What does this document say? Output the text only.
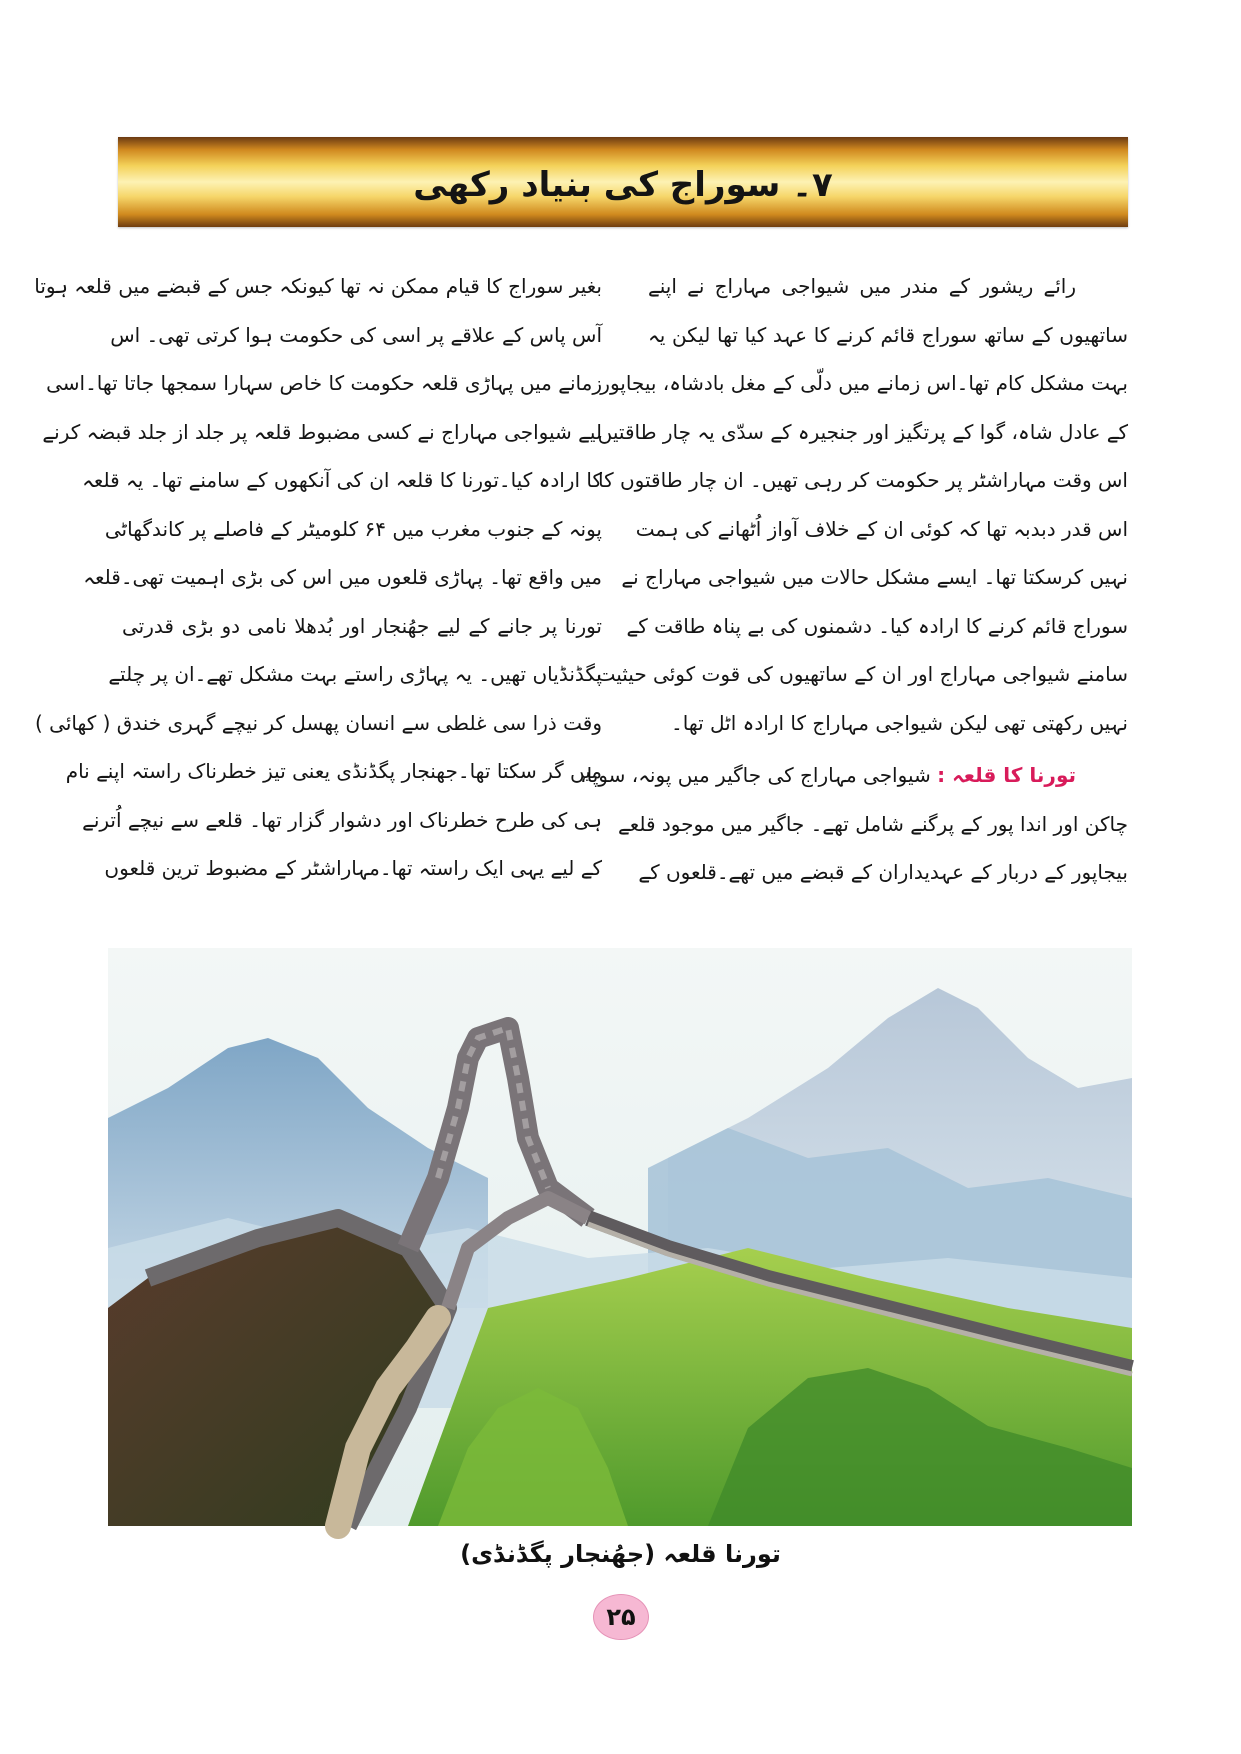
۷۔ سوراج کی بنیاد رکھی
رائے ریشور کے مندر میں شیواجی مہاراج نے اپنے
ساتھیوں کے ساتھ سوراج قائم کرنے کا عہد کیا تھا لیکن یہ
بہت مشکل کام تھا۔اس زمانے میں دلّی کے مغل بادشاہ، بیجاپور
کے عادل شاہ، گوا کے پرتگیز اور جنجیرہ کے سدّی یہ چار طاقتیں
اس وقت مہاراشٹر پر حکومت کر رہی تھیں۔ ان چار طاقتوں کا
اس قدر دبدبہ تھا کہ کوئی ان کے خلاف آواز اُٹھانے کی ہمت
نہیں کرسکتا تھا۔ ایسے مشکل حالات میں شیواجی مہاراج نے
سوراج قائم کرنے کا ارادہ کیا۔ دشمنوں کی بے پناہ طاقت کے
سامنے شیواجی مہاراج اور ان کے ساتھیوں کی قوت کوئی حیثیت
نہیں رکھتی تھی لیکن شیواجی مہاراج کا ارادہ اٹل تھا۔
تورنا کا قلعہ : شیواجی مہاراج کی جاگیر میں پونہ، سوپا،
چاکن اور اندا پور کے پرگنے شامل تھے۔ جاگیر میں موجود قلعے
بیجاپور کے دربار کے عہدیداران کے قبضے میں تھے۔قلعوں کے
بغیر سوراج کا قیام ممکن نہ تھا کیونکہ جس کے قبضے میں قلعہ ہوتا
آس پاس کے علاقے پر اسی کی حکومت ہوا کرتی تھی۔ اس
زمانے میں پہاڑی قلعہ حکومت کا خاص سہارا سمجھا جاتا تھا۔اسی
لیے شیواجی مہاراج نے کسی مضبوط قلعہ پر جلد از جلد قبضہ کرنے
کا ارادہ کیا۔تورنا کا قلعہ ان کی آنکھوں کے سامنے تھا۔ یہ قلعہ
پونہ کے جنوب مغرب میں ۶۴ کلومیٹر کے فاصلے پر کاندگھاٹی
میں واقع تھا۔ پہاڑی قلعوں میں اس کی بڑی اہمیت تھی۔قلعہ
تورنا پر جانے کے لیے جھُنجار اور بُدھلا نامی دو بڑی قدرتی
پگڈنڈیاں تھیں۔ یہ پہاڑی راستے بہت مشکل تھے۔ان پر چلتے
وقت ذرا سی غلطی سے انسان پھسل کر نیچے گہری خندق ( کھائی )
میں گر سکتا تھا۔جھنجار پگڈنڈی یعنی تیز خطرناک راستہ اپنے نام
ہی کی طرح خطرناک اور دشوار گزار تھا۔ قلعے سے نیچے اُترنے
کے لیے یہی ایک راستہ تھا۔مہاراشٹر کے مضبوط ترین قلعوں
تورنا قلعہ (جھُنجار پگڈنڈی)
۲۵
